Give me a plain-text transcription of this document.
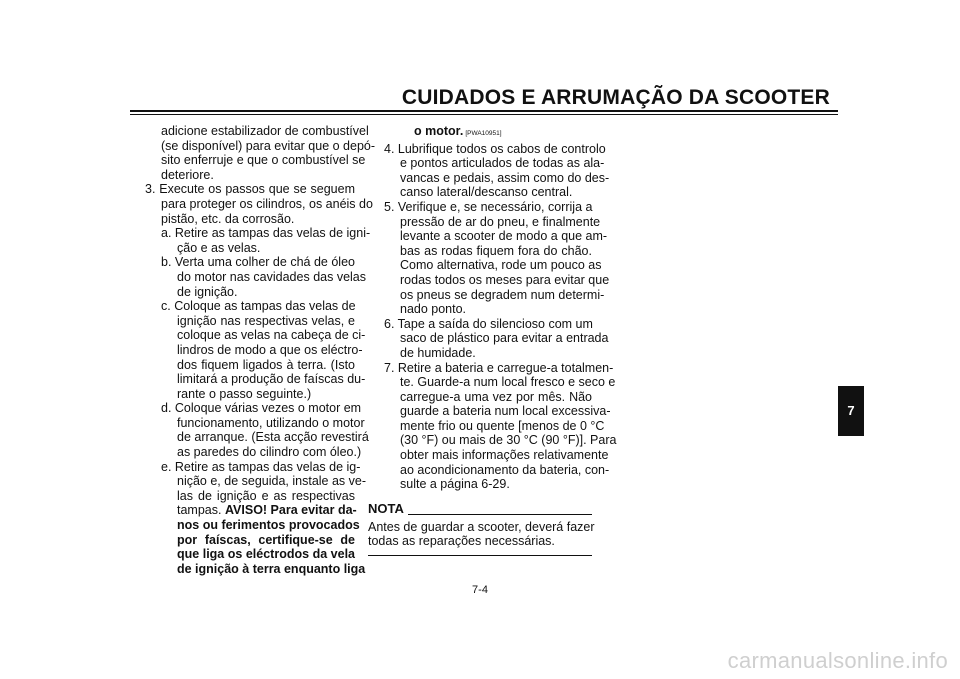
CUIDADOS E ARRUMAÇÃO DA SCOOTER
adicione estabilizador de combustível
(se disponível) para evitar que o depó-
sito enferruje e que o combustível se
deteriore.
3. Execute os passos que se seguem
para proteger os cilindros, os anéis do
pistão, etc. da corrosão.
a. Retire as tampas das velas de igni-
ção e as velas.
b. Verta uma colher de chá de óleo
do motor nas cavidades das velas
de ignição.
c. Coloque as tampas das velas de
ignição nas respectivas velas, e
coloque as velas na cabeça de ci-
lindros de modo a que os eléctro-
dos fiquem ligados à terra. (Isto
limitará a produção de faíscas du-
rante o passo seguinte.)
d. Coloque várias vezes o motor em
funcionamento, utilizando o motor
de arranque. (Esta acção revestirá
as paredes do cilindro com óleo.)
e. Retire as tampas das velas de ig-
nição e, de seguida, instale as ve-
las de ignição e as respectivas
tampas. AVISO! Para evitar da-
nos ou ferimentos provocados
por faíscas, certifique-se de
que liga os eléctrodos da vela
de ignição à terra enquanto liga
o motor. [PWA10951]
4. Lubrifique todos os cabos de controlo
e pontos articulados de todas as ala-
vancas e pedais, assim como do des-
canso lateral/descanso central.
5. Verifique e, se necessário, corrija a
pressão de ar do pneu, e finalmente
levante a scooter de modo a que am-
bas as rodas fiquem fora do chão.
Como alternativa, rode um pouco as
rodas todos os meses para evitar que
os pneus se degradem num determi-
nado ponto.
6. Tape a saída do silencioso com um
saco de plástico para evitar a entrada
de humidade.
7. Retire a bateria e carregue-a totalmen-
te. Guarde-a num local fresco e seco e
carregue-a uma vez por mês. Não
guarde a bateria num local excessiva-
mente frio ou quente [menos de 0 °C
(30 °F) ou mais de 30 °C (90 °F)]. Para
obter mais informações relativamente
ao acondicionamento da bateria, con-
sulte a página 6-29.
NOTA
Antes de guardar a scooter, deverá fazer
todas as reparações necessárias.
7
7-4
carmanualsonline.info
